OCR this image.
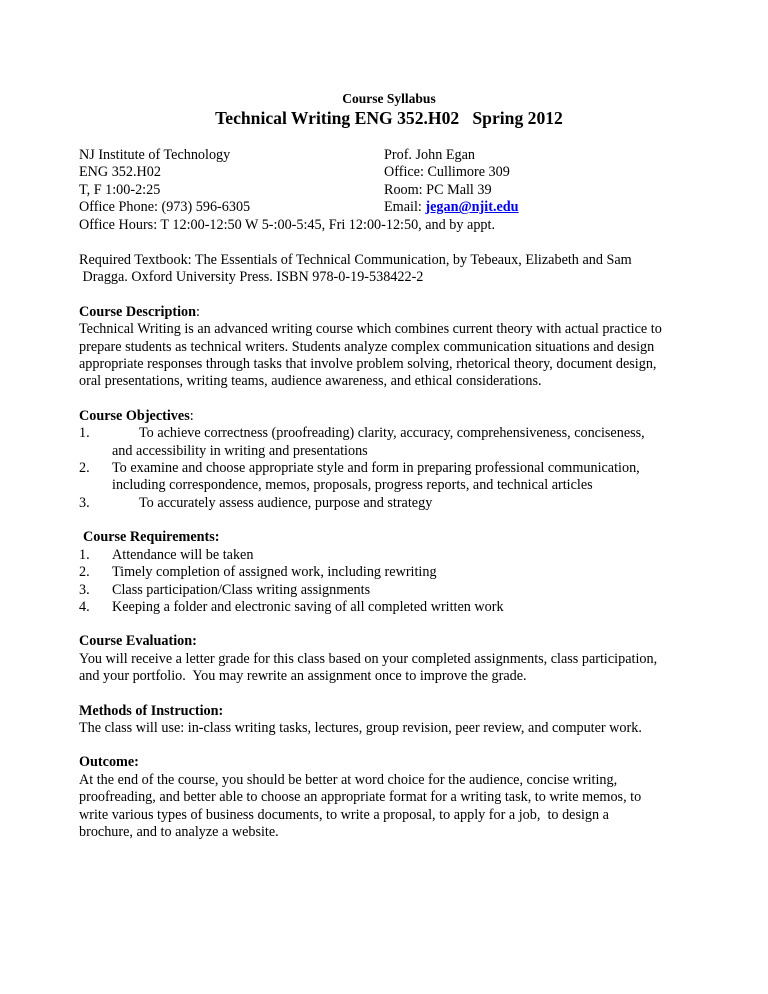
Course Syllabus
Technical Writing ENG 352.H02   Spring 2012
NJ Institute of Technology
ENG 352.H02
T, F 1:00-2:25
Office Phone: (973) 596-6305
Prof. John Egan
Office: Cullimore 309
Room: PC Mall 39
Email: jegan@njit.edu
Office Hours: T 12:00-12:50 W 5-:00-5:45, Fri 12:00-12:50, and by appt.
Required Textbook: The Essentials of Technical Communication, by Tebeaux, Elizabeth and Sam
Dragga. Oxford University Press. ISBN 978-0-19-538422-2
Course Description:
Technical Writing is an advanced writing course which combines current theory with actual practice to
prepare students as technical writers. Students analyze complex communication situations and design
appropriate responses through tasks that involve problem solving, rhetorical theory, document design,
oral presentations, writing teams, audience awareness, and ethical considerations.
Course Objectives:
1.	To achieve correctness (proofreading) clarity, accuracy, comprehensiveness, conciseness,
and accessibility in writing and presentations
2. To examine and choose appropriate style and form in preparing professional communication,
including correspondence, memos, proposals, progress reports, and technical articles
3.	To accurately assess audience, purpose and strategy
Course Requirements:
1. Attendance will be taken
2. Timely completion of assigned work, including rewriting
3. Class participation/Class writing assignments
4. Keeping a folder and electronic saving of all completed written work
Course Evaluation:
You will receive a letter grade for this class based on your completed assignments, class participation,
and your portfolio.  You may rewrite an assignment once to improve the grade.
Methods of Instruction:
The class will use: in-class writing tasks, lectures, group revision, peer review, and computer work.
Outcome:
At the end of the course, you should be better at word choice for the audience, concise writing,
proofreading, and better able to choose an appropriate format for a writing task, to write memos, to
write various types of business documents, to write a proposal, to apply for a job,  to design a
brochure, and to analyze a website.
